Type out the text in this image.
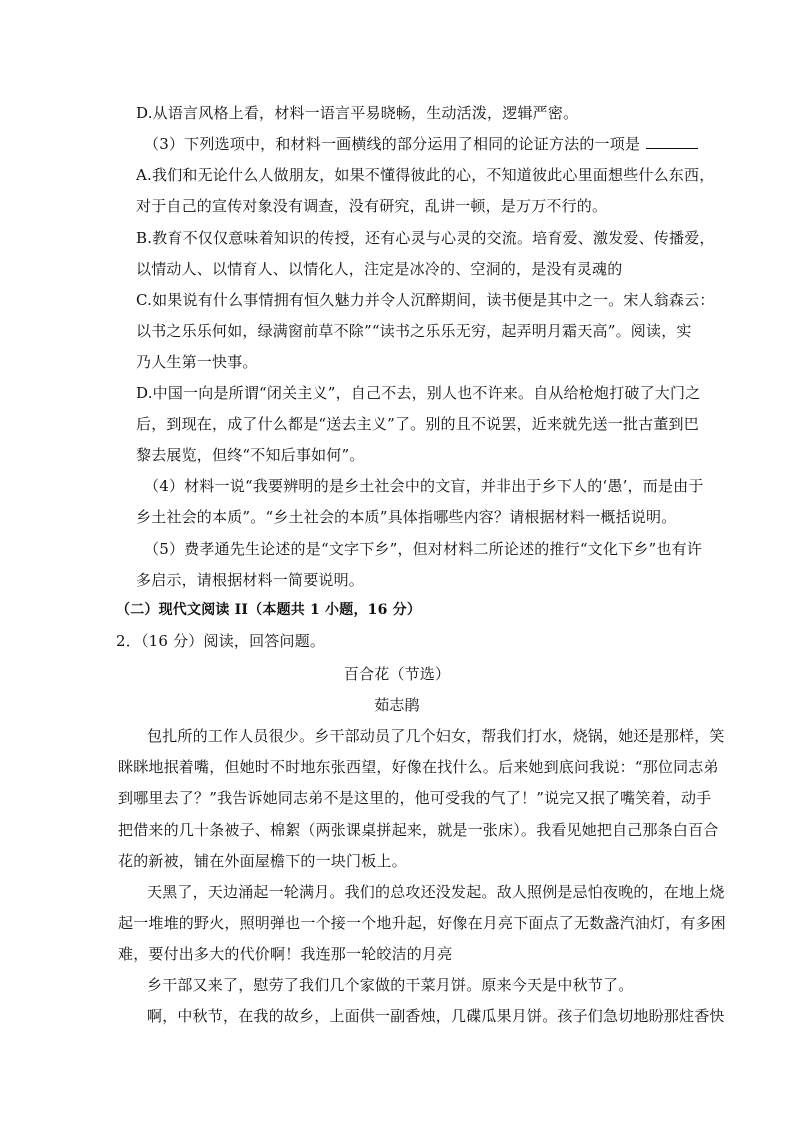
D.从语言风格上看，材料一语言平易晓畅，生动活泼，逻辑严密。
（3）下列选项中，和材料一画横线的部分运用了相同的论证方法的一项是
A.我们和无论什么人做朋友，如果不懂得彼此的心，不知道彼此心里面想些什么东西，
对于自己的宣传对象没有调查，没有研究，乱讲一顿，是万万不行的。
B.教育不仅仅意味着知识的传授，还有心灵与心灵的交流。培育爱、激发爱、传播爱，
以情动人、以情育人、以情化人，注定是冰冷的、空洞的，是没有灵魂的
C.如果说有什么事情拥有恒久魅力并令人沉醉期间，读书便是其中之一。宋人翁森云：
以书之乐乐何如，绿满窗前草不除”“读书之乐乐无穷，起弄明月霜天高”。阅读，实
乃人生第一快事。
D.中国一向是所谓“闭关主义”，自己不去，别人也不许来。自从给枪炮打破了大门之
后，到现在，成了什么都是“送去主义”了。别的且不说罢，近来就先送一批古董到巴
黎去展览，但终“不知后事如何”。
（4）材料一说“我要辨明的是乡土社会中的文盲，并非出于乡下人的‘愚’，而是由于
乡土社会的本质”。“乡土社会的本质”具体指哪些内容？请根据材料一概括说明。
（5）费孝通先生论述的是“文字下乡”，但对材料二所论述的推行“文化下乡”也有许
多启示，请根据材料一简要说明。
（二）现代文阅读 II（本题共 1 小题，16 分）
2．（16 分）阅读，回答问题。
百合花（节选）
茹志鹃
包扎所的工作人员很少。乡干部动员了几个妇女，帮我们打水，烧锅，她还是那样，笑
眯眯地抿着嘴，但她时不时地东张西望，好像在找什么。后来她到底问我说：“那位同志弟
到哪里去了？”我告诉她同志弟不是这里的，他可受我的气了！”说完又抿了嘴笑着，动手
把借来的几十条被子、棉絮（两张课桌拼起来，就是一张床）。我看见她把自己那条白百合
花的新被，铺在外面屋檐下的一块门板上。
天黑了，天边涌起一轮满月。我们的总攻还没发起。敌人照例是忌怕夜晚的，在地上烧
起一堆堆的野火，照明弹也一个接一个地升起，好像在月亮下面点了无数盏汽油灯，有多困
难，要付出多大的代价啊！我连那一轮皎洁的月亮
乡干部又来了，慰劳了我们几个家做的干菜月饼。原来今天是中秋节了。
啊，中秋节，在我的故乡，上面供一副香烛，几碟瓜果月饼。孩子们急切地盼那炷香快
